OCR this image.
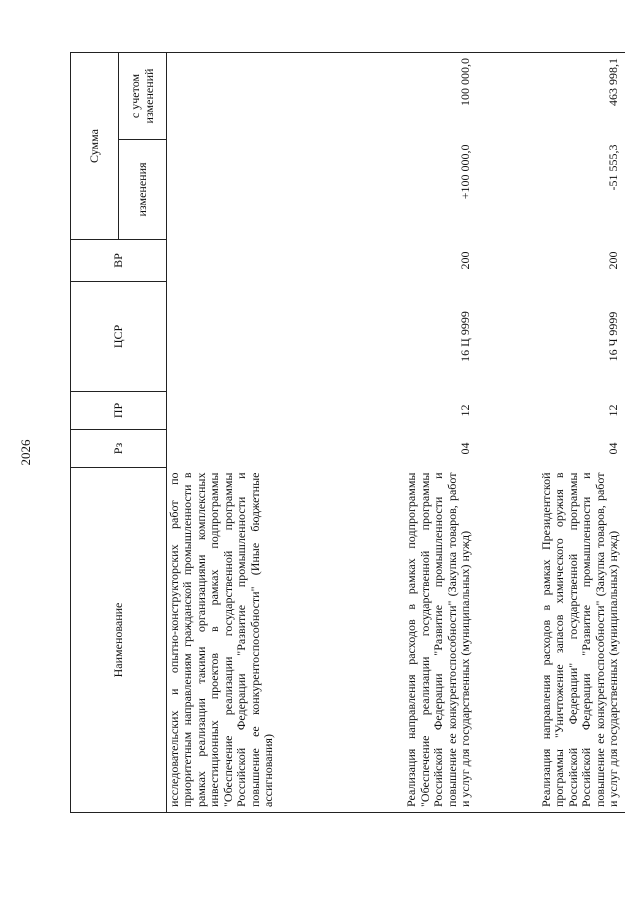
2026
Наименование	Рз	ПР	ЦСР	ВР	Сумма	
					изменения	с учетом изменений
исследовательских и опытно-конструкторских работ по приоритетным направлениям гражданской промышленности в рамках реализации такими организациями комплексных инвестиционных проектов в рамках подпрограммы "Обеспечение реализации государственной программы Российской Федерации "Развитие промышленности и повышение ее конкурентоспособности" (Иные бюджетные ассигнования)						
Реализация направления расходов в рамках подпрограммы "Обеспечение реализации государственной программы Российской Федерации "Развитие промышленности и повышение ее конкурентоспособности" (Закупка товаров, работ и услуг для государственных (муниципальных) нужд)	04	12	16 Ц 9999	200	+100 000,0	100 000,0
Реализация направления расходов в рамках Президентской программы "Уничтожение запасов химического оружия в Российской Федерации" государственной программы Российской Федерации "Развитие промышленности и повышение ее конкурентоспособности" (Закупка товаров, работ и услуг для государственных (муниципальных) нужд)	04	12	16 Ч 9999	200	-51 555,3	463 998,1
